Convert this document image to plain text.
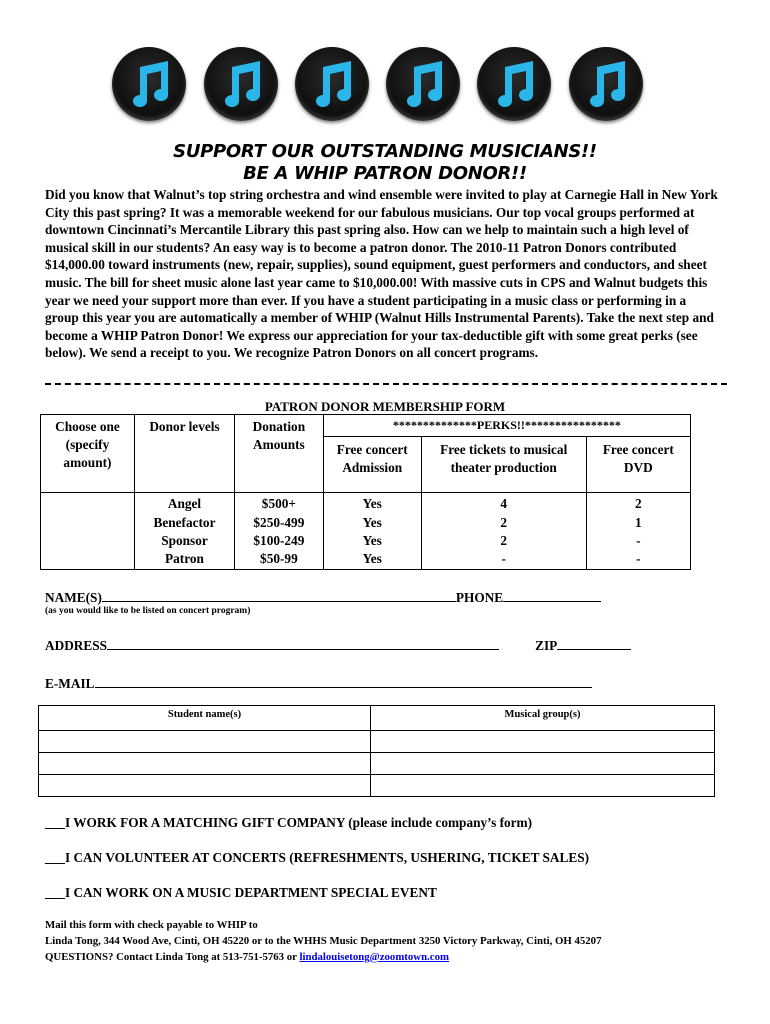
SUPPORT OUR OUTSTANDING MUSICIANS!!
BE A WHIP PATRON DONOR!!
Did you know that Walnut’s top string orchestra and wind ensemble were invited to play at Carnegie Hall in New York City this past spring? It was a memorable weekend for our fabulous musicians. Our top vocal groups performed at downtown Cincinnati’s Mercantile Library this past spring also. How can we help to maintain such a high level of musical skill in our students? An easy way is to become a patron donor. The 2010-11 Patron Donors contributed $14,000.00 toward instruments (new, repair, supplies), sound equipment, guest performers and conductors, and sheet music. The bill for sheet music alone last year came to $10,000.00! With massive cuts in CPS and Walnut budgets this year we need your support more than ever. If you have a student participating in a music class or performing in a group this year you are automatically a member of WHIP (Walnut Hills Instrumental Parents). Take the next step and become a WHIP Patron Donor! We express our appreciation for your tax-deductible gift with some great perks (see below). We send a receipt to you. We recognize Patron Donors on all concert programs.
PATRON DONOR MEMBERSHIP FORM
Choose one (specify amount)	Donor levels	Donation Amounts	**************PERKS!!****************		
			Free concert Admission	Free tickets to musical theater production	Free concert DVD
	Angel	$500+	Yes	4	2
	Benefactor	$250-499	Yes	2	1
	Sponsor	$100-249	Yes	2	-
	Patron	$50-99	Yes	-	-
NAME(S)	PHONE
(as you would like to be listed on concert program)
ADDRESS	ZIP
E-MAIL
Student name(s)	Musical group(s)

___I WORK FOR A MATCHING GIFT COMPANY (please include company’s form)
___I CAN VOLUNTEER AT CONCERTS (REFRESHMENTS, USHERING, TICKET SALES)
___I CAN WORK ON A MUSIC DEPARTMENT SPECIAL EVENT
Mail this form with check payable to WHIP to
Linda Tong, 344 Wood Ave, Cinti, OH 45220 or to the WHHS Music Department 3250 Victory Parkway, Cinti, OH 45207
QUESTIONS? Contact Linda Tong at 513-751-5763 or lindalouisetong@zoomtown.com
